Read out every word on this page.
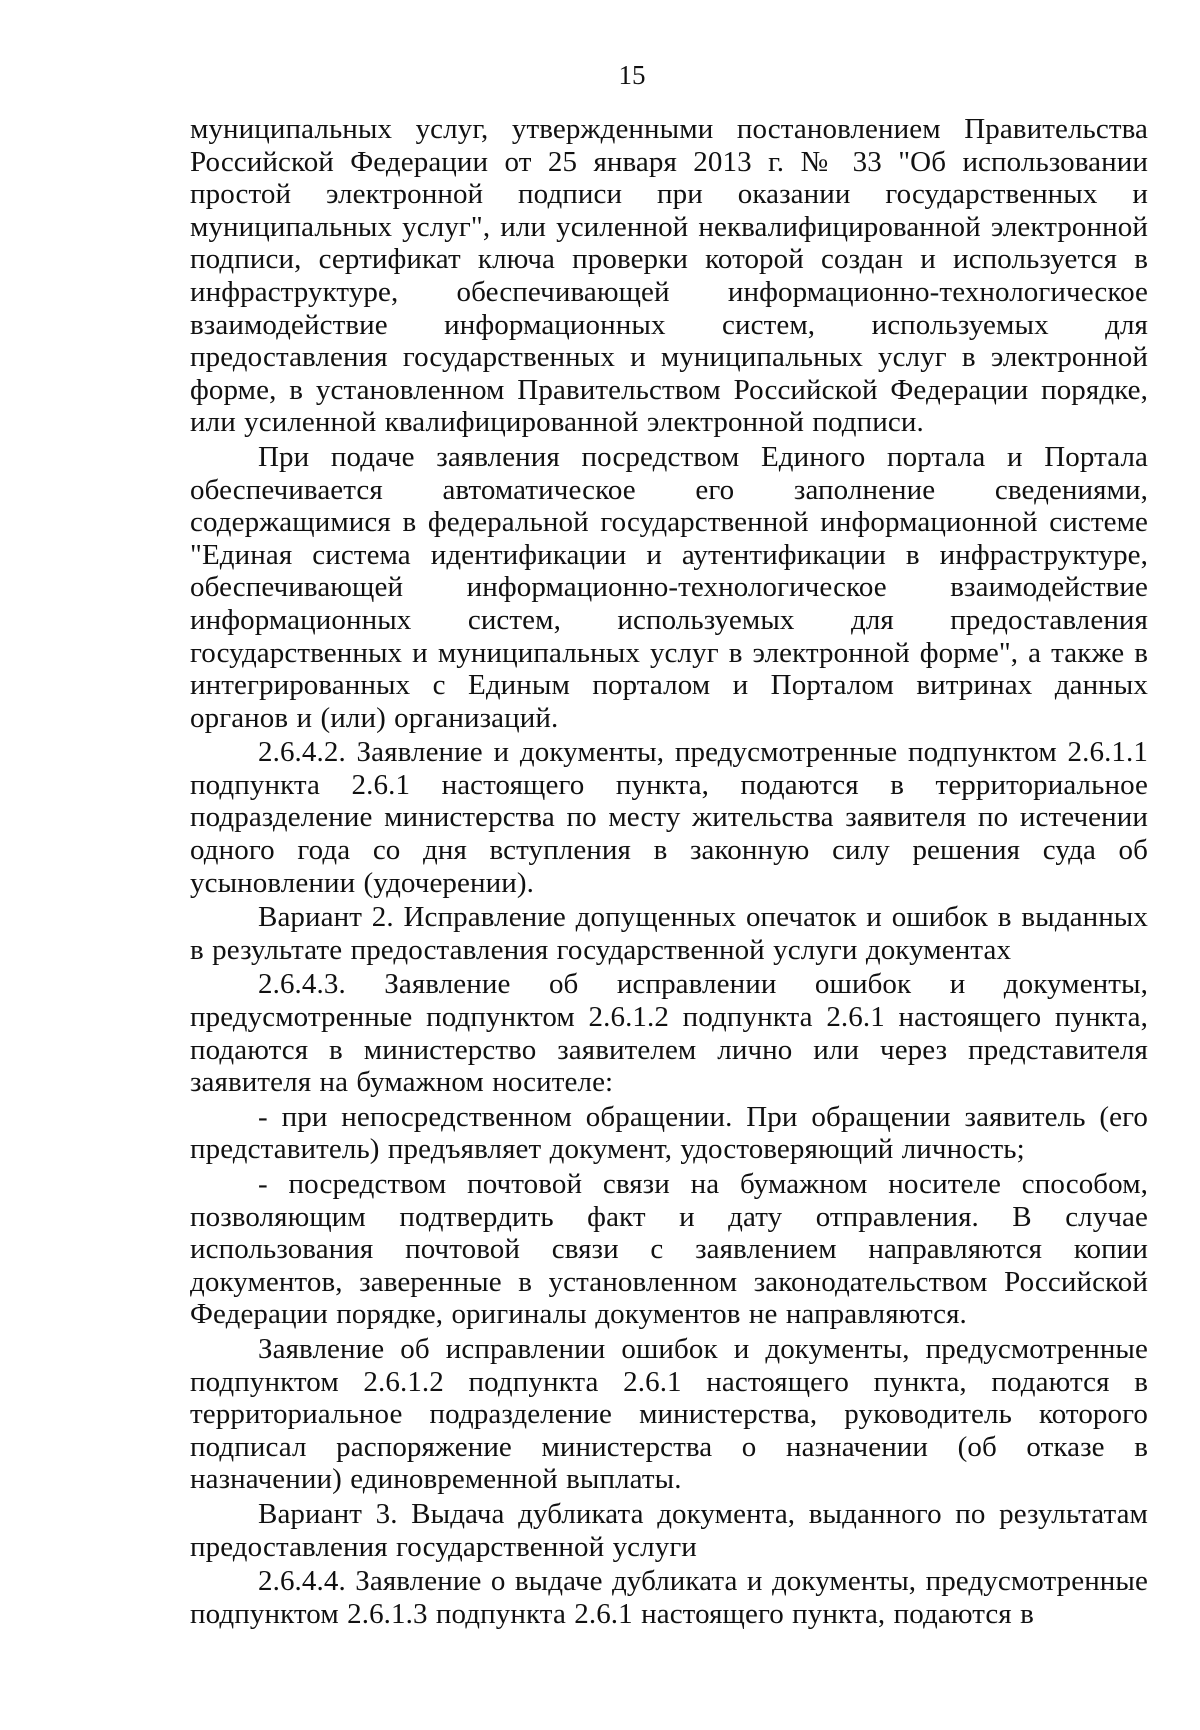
15

муниципальных услуг, утвержденными постановлением Правительства Российской Федерации от 25 января 2013 г. № 33 "Об использовании простой электронной подписи при оказании государственных и муниципальных услуг", или усиленной неквалифицированной электронной подписи, сертификат ключа проверки которой создан и используется в инфраструктуре, обеспечивающей информационно-технологическое взаимодействие информационных систем, используемых для предоставления государственных и муниципальных услуг в электронной форме, в установленном Правительством Российской Федерации порядке, или усиленной квалифицированной электронной подписи.

При подаче заявления посредством Единого портала и Портала обеспечивается автоматическое его заполнение сведениями, содержащимися в федеральной государственной информационной системе "Единая система идентификации и аутентификации в инфраструктуре, обеспечивающей информационно-технологическое взаимодействие информационных систем, используемых для предоставления государственных и муниципальных услуг в электронной форме", а также в интегрированных с Единым порталом и Порталом витринах данных органов и (или) организаций.

2.6.4.2. Заявление и документы, предусмотренные подпунктом 2.6.1.1 подпункта 2.6.1 настоящего пункта, подаются в территориальное подразделение министерства по месту жительства заявителя по истечении одного года со дня вступления в законную силу решения суда об усыновлении (удочерении).

Вариант 2. Исправление допущенных опечаток и ошибок в выданных в результате предоставления государственной услуги документах

2.6.4.3. Заявление об исправлении ошибок и документы, предусмотренные подпунктом 2.6.1.2 подпункта 2.6.1 настоящего пункта, подаются в министерство заявителем лично или через представителя заявителя на бумажном носителе:

- при непосредственном обращении. При обращении заявитель (его представитель) предъявляет документ, удостоверяющий личность;

- посредством почтовой связи на бумажном носителе способом, позволяющим подтвердить факт и дату отправления. В случае использования почтовой связи с заявлением направляются копии документов, заверенные в установленном законодательством Российской Федерации порядке, оригиналы документов не направляются.

Заявление об исправлении ошибок и документы, предусмотренные подпунктом 2.6.1.2 подпункта 2.6.1 настоящего пункта, подаются в территориальное подразделение министерства, руководитель которого подписал распоряжение министерства о назначении (об отказе в назначении) единовременной выплаты.

Вариант 3. Выдача дубликата документа, выданного по результатам предоставления государственной услуги

2.6.4.4. Заявление о выдаче дубликата и документы, предусмотренные подпунктом 2.6.1.3 подпункта 2.6.1 настоящего пункта, подаются в
